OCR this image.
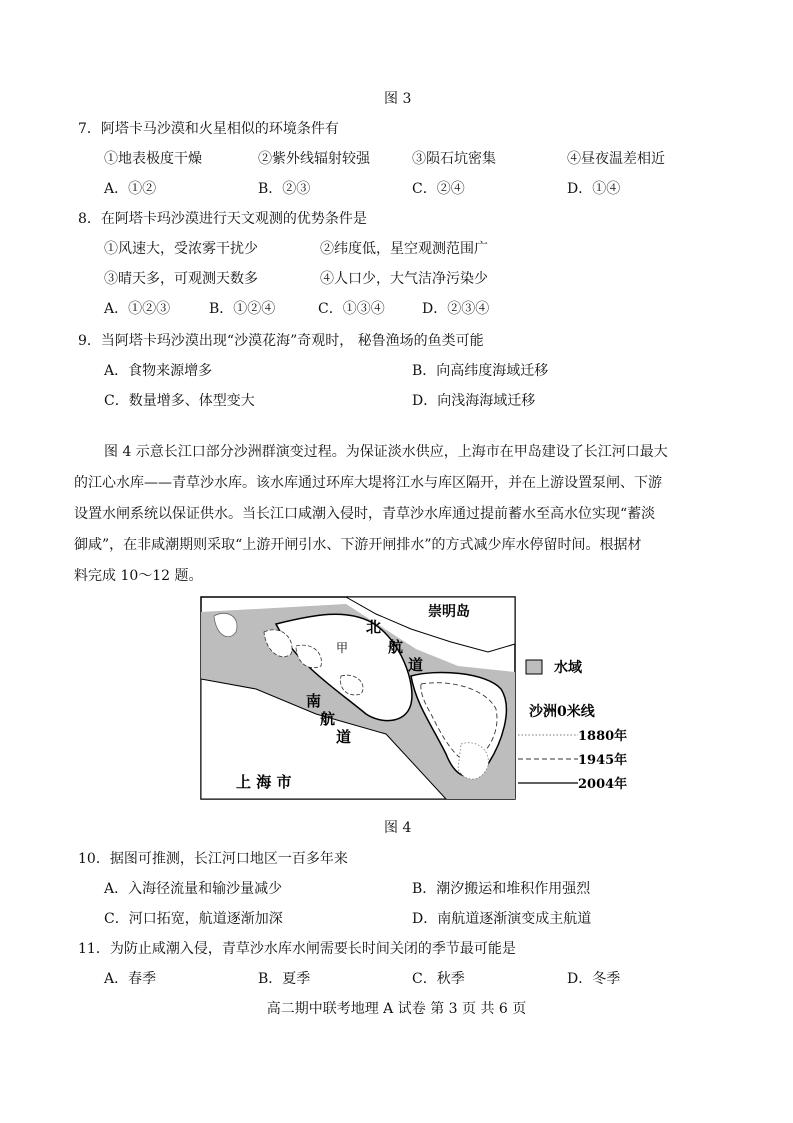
图 3
7．阿塔卡马沙漠和火星相似的环境条件有
①地表极度干燥	②紫外线辐射较强	③陨石坑密集	④昼夜温差相近
A．①②	B．②③	C．②④	D．①④
8．在阿塔卡玛沙漠进行天文观测的优势条件是
①风速大，受浓雾干扰少	②纬度低，星空观测范围广
③晴天多，可观测天数多	④人口少，大气洁净污染少
A．①②③	B．①②④	C．①③④	D．②③④
9．当阿塔卡玛沙漠出现“沙漠花海”奇观时， 秘鲁渔场的鱼类可能
A．食物来源增多	B．向高纬度海域迁移
C．数量增多、体型变大	D．向浅海海域迁移
图 4 示意长江口部分沙洲群演变过程。为保证淡水供应，上海市在甲岛建设了长江河口最大
的江心水库——青草沙水库。该水库通过环库大堤将江水与库区隔开，并在上游设置泵闸、下游
设置水闸系统以保证供水。当长江口咸潮入侵时，青草沙水库通过提前蓄水至高水位实现“蓄淡
御咸”，在非咸潮期则采取“上游开闸引水、下游开闸排水”的方式减少库水停留时间。根据材
料完成 10～12 题。
崇明岛
北
航
道
甲
南
航
道
上 海 市
水域
沙洲0米线
1880年
1945年
2004年
图 4
10．据图可推测，长江河口地区一百多年来
A．入海径流量和输沙量减少	B．潮汐搬运和堆积作用强烈
C．河口拓宽，航道逐渐加深	D．南航道逐渐演变成主航道
11．为防止咸潮入侵，青草沙水库水闸需要长时间关闭的季节最可能是
A．春季	B．夏季	C．秋季	D．冬季
高二期中联考地理 A 试卷 第 3 页 共 6 页
